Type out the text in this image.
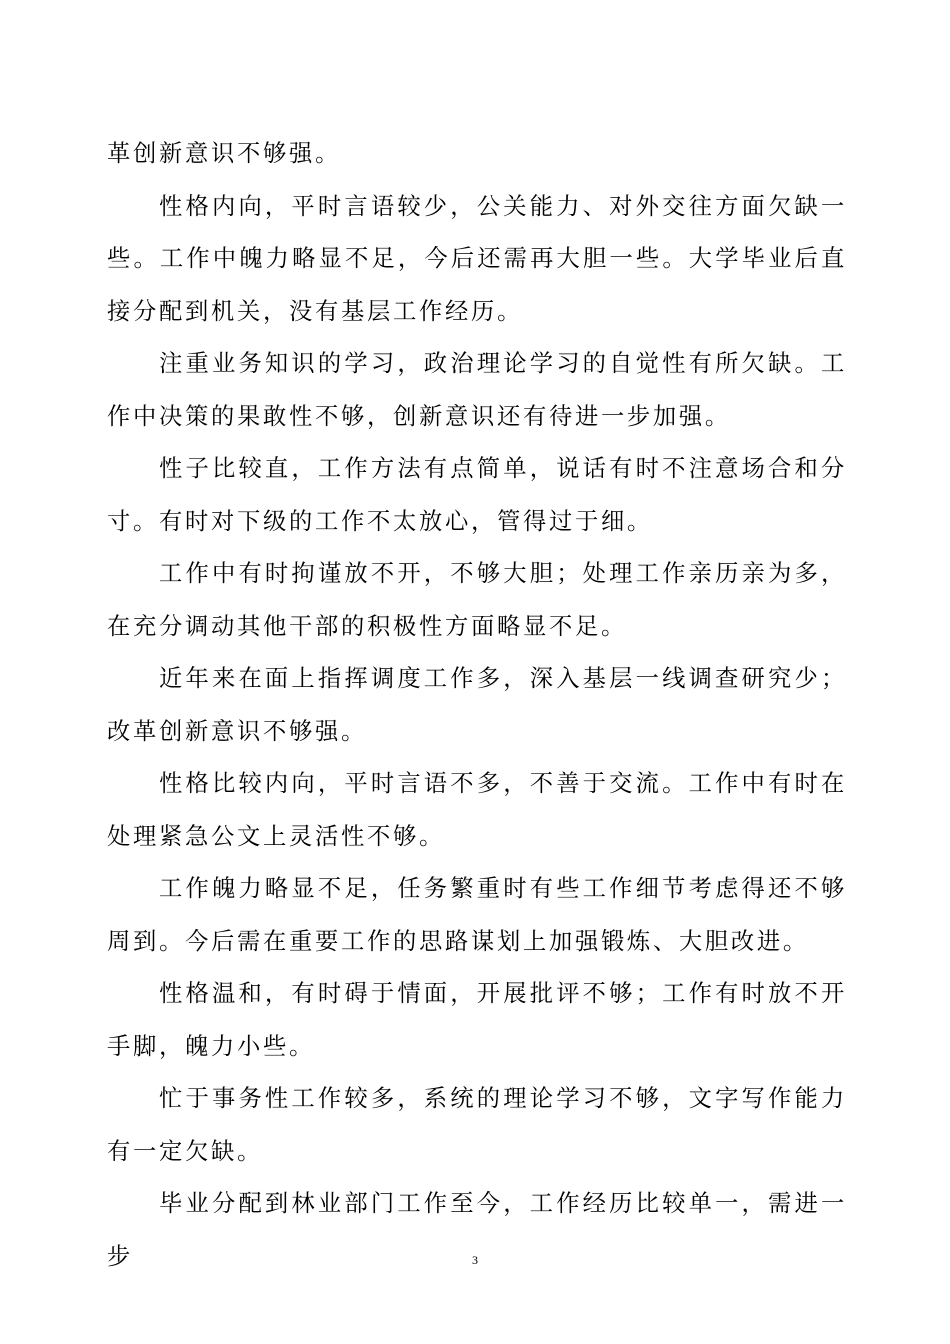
革创新意识不够强。

性格内向，平时言语较少，公关能力、对外交往方面欠缺一些。工作中魄力略显不足，今后还需再大胆一些。大学毕业后直接分配到机关，没有基层工作经历。

注重业务知识的学习，政治理论学习的自觉性有所欠缺。工作中决策的果敢性不够，创新意识还有待进一步加强。

性子比较直，工作方法有点简单，说话有时不注意场合和分寸。有时对下级的工作不太放心，管得过于细。

工作中有时拘谨放不开，不够大胆；处理工作亲历亲为多，在充分调动其他干部的积极性方面略显不足。

近年来在面上指挥调度工作多，深入基层一线调查研究少；改革创新意识不够强。

性格比较内向，平时言语不多，不善于交流。工作中有时在处理紧急公文上灵活性不够。

工作魄力略显不足，任务繁重时有些工作细节考虑得还不够周到。今后需在重要工作的思路谋划上加强锻炼、大胆改进。

性格温和，有时碍于情面，开展批评不够；工作有时放不开手脚，魄力小些。

忙于事务性工作较多，系统的理论学习不够，文字写作能力有一定欠缺。

毕业分配到林业部门工作至今，工作经历比较单一，需进一步	3
